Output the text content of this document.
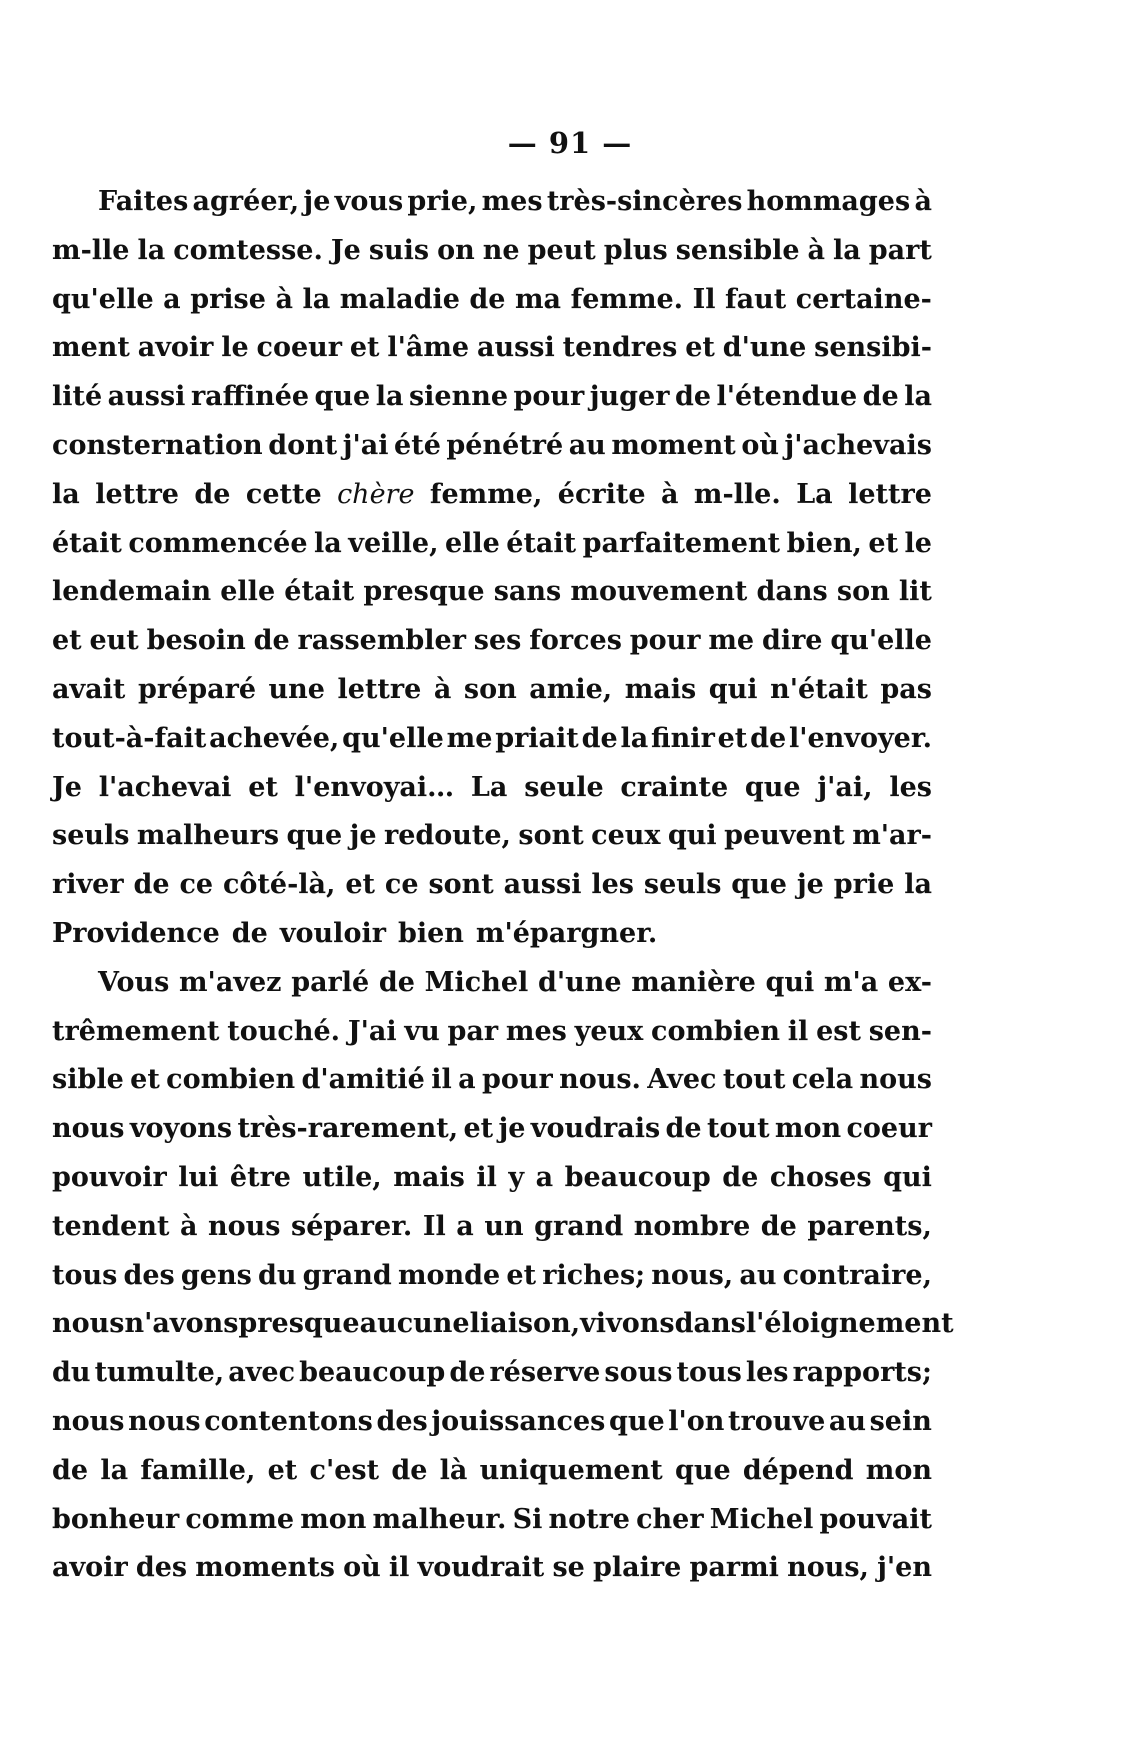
— 91 —
Faites agréer, je vous prie, mes très-sincères hommages à
m-lle la comtesse. Je suis on ne peut plus sensible à la part
qu'elle a prise à la maladie de ma femme. Il faut certaine-
ment avoir le coeur et l'âme aussi tendres et d'une sensibi-
lité aussi raffinée que la sienne pour juger de l'étendue de la
consternation dont j'ai été pénétré au moment où j'achevais
la lettre de cette chère femme, écrite à m-lle. La lettre
était commencée la veille, elle était parfaitement bien, et le
lendemain elle était presque sans mouvement dans son lit
et eut besoin de rassembler ses forces pour me dire qu'elle
avait préparé une lettre à son amie, mais qui n'était pas
tout-à-fait achevée, qu'elle me priait de la finir et de l'envoyer.
Je l'achevai et l'envoyai… La seule crainte que j'ai, les
seuls malheurs que je redoute, sont ceux qui peuvent m'ar-
river de ce côté-là, et ce sont aussi les seuls que je prie la
Providence de vouloir bien m'épargner.
Vous m'avez parlé de Michel d'une manière qui m'a ex-
trêmement touché. J'ai vu par mes yeux combien il est sen-
sible et combien d'amitié il a pour nous. Avec tout cela nous
nous voyons très-rarement, et je voudrais de tout mon coeur
pouvoir lui être utile, mais il y a beaucoup de choses qui
tendent à nous séparer. Il a un grand nombre de parents,
tous des gens du grand monde et riches; nous, au contraire,
nous n'avons presque aucune liaison, vivons dans l'éloignement
du tumulte, avec beaucoup de réserve sous tous les rapports;
nous nous contentons des jouissances que l'on trouve au sein
de la famille, et c'est de là uniquement que dépend mon
bonheur comme mon malheur. Si notre cher Michel pouvait
avoir des moments où il voudrait se plaire parmi nous, j'en
